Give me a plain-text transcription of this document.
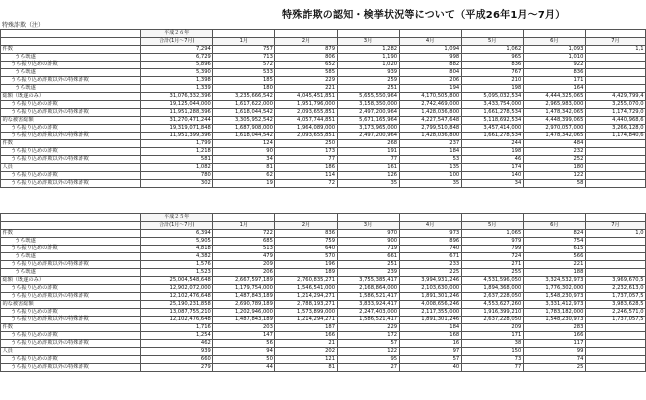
特殊詐欺の認知・検挙状況等について（平成26年1月～7月）
特殊詐欺（注）
	平成２６年							
	合計(1月～7月)	1月	2月	3月	4月	5月	6月	7月
件数	7,294	757	879	1,282	1,094	1,062	1,093	1,1
うち既遂	6,729	713	806	1,190	998	965	1,010	
うち振り込めの詐欺	5,896	572	652	1,020	882	836	922	
うち既遂	5,390	533	585	939	804	767	836	
うち振り込め詐欺以外の特殊詐欺	1,398	185	229	259	206	210	171	
うち既遂	1,339	180	221	251	194	198	164	
総額（既遂のみ）	31,076,332,396	3,235,666,542	4,045,451,851	5,655,550,964	4,170,505,800	5,095,032,534	4,444,325,065	4,429,799,4
うち振り込めの詐欺	19,125,044,000	1,617,622,000	1,951,796,000	3,158,350,000	2,742,469,000	3,433,754,000	2,965,983,000	3,255,070,0
うち振り込め詐欺以外の特殊詐欺	11,951,288,396	1,618,044,542	2,093,655,851	2,497,200,964	1,428,036,800	1,661,278,534	1,478,342,065	1,174,729,0
的な被害総額	31,270,471,244	3,305,952,542	4,057,744,851	5,671,165,964	4,227,547,648	5,118,692,534	4,448,399,065	4,440,968,6
うち振り込めの詐欺	19,319,071,848	1,687,908,000	1,964,089,000	3,173,965,000	2,799,510,848	3,457,414,000	2,970,057,000	3,266,128,0
うち振り込め詐欺以外の特殊詐欺	11,951,399,396	1,618,044,542	2,093,655,851	2,497,200,964	1,428,036,800	1,661,278,534	1,478,342,065	1,174,840,6
件数	1,799	124	250	268	237	244	484	
うち振り込めの詐欺	1,218	90	173	191	184	198	232	
うち振り込め詐欺以外の特殊詐欺	581	34	77	77	53	46	252	
人員	1,082	81	186	161	135	174	180	
うち振り込めの詐欺	780	62	114	126	100	140	122	
うち振り込め詐欺以外の特殊詐欺	302	19	72	35	35	34	58	
	平成２５年							
	合計(1月～7月)	1月	2月	3月	4月	5月	6月	7月
件数	6,394	722	836	970	973	1,065	824	1,0
うち既遂	5,905	685	759	900	896	979	754	
うち振り込めの詐欺	4,818	513	640	719	740	799	615	
うち既遂	4,382	479	570	661	671	724	566	
うち振り込め詐欺以外の特殊詐欺	1,576	209	196	251	233	271	221	
うち既遂	1,523	206	189	239	225	255	188	
総額（既遂のみ）	25,004,548,648	2,667,597,189	2,760,835,271	3,755,385,417	3,994,931,246	4,531,596,050	3,324,532,973	3,969,670,5
うち振り込めの詐欺	12,902,072,000	1,179,754,000	1,546,541,000	2,168,864,000	2,103,630,000	1,894,368,000	1,776,302,000	2,232,613,0
うち振り込め詐欺以外の特殊詐欺	12,102,476,648	1,487,843,189	1,214,294,271	1,586,521,417	1,891,301,246	2,637,228,050	1,548,230,973	1,737,057,5
的な被害総額	25,190,231,858	2,690,789,189	2,788,193,271	3,833,924,417	4,008,656,246	4,553,627,260	3,331,412,973	3,983,628,5
うち振り込めの詐欺	13,087,755,210	1,202,946,000	1,573,899,000	2,247,403,000	2,117,355,000	1,916,399,210	1,783,182,000	2,246,571,0
うち振り込め詐欺以外の特殊詐欺	12,102,476,648	1,487,843,189	1,214,294,271	1,586,521,417	1,891,301,246	2,637,228,050	1,548,230,973	1,737,057,5
件数	1,716	203	187	229	184	209	283	
うち振り込めの詐欺	1,254	147	166	172	168	171	166	
うち振り込め詐欺以外の特殊詐欺	462	56	21	57	16	38	117	
人員	939	94	202	122	97	150	99	
うち振り込めの詐欺	660	50	121	95	57	73	74	
うち振り込め詐欺以外の特殊詐欺	279	44	81	27	40	77	25	
